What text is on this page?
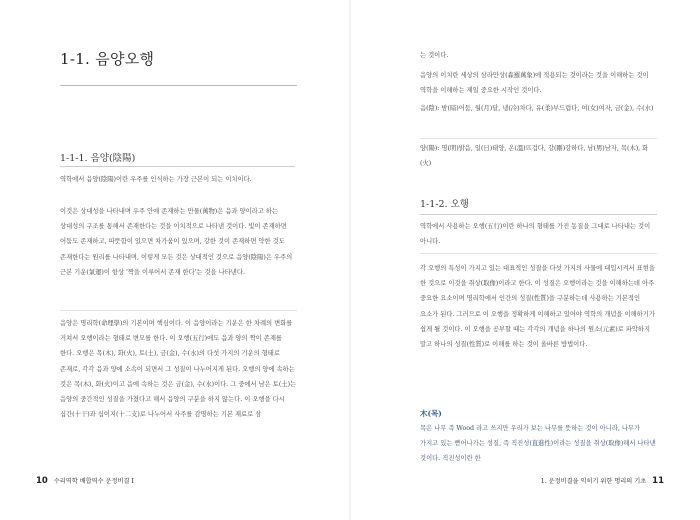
1-1. 음양오행
1-1-1. 음양(陰陽)

역학에서 음양(陰陽)이란 우주를 인식하는 가장 근본이 되는 이치이다.

이것은 상대성을 나타내며 우주 안에 존재하는 만물(萬物)은 음과 양이라고 하는 상대성의 구조를 통해서 존재한다는 것을 이치적으로 나타낸 것이다. 빛이 존재하면 어둠도 존재하고, 따뜻함이 있으면 차가움이 있으며, 강한 것이 존재하면 약한 것도 존재한다는 원리를 나타내며, 이렇게 모든 것은 상대적인 것으로 음양(陰陽)은 우주의 근본 기운(氣運)이 항상 '짝을 이루어서 존재 한다'는 것을 나타낸다.

음양은 명리학(命理學)의 기본이며 핵심이다. 이 음양이라는 기운은 한 차례의 변화를 거쳐서 오행이라는 형태로 변모를 한다. 이 오행(五行)에도 음과 양의 짝이 존재를 한다. 오행은 목(木), 화(火), 토(土), 금(金), 수(水)의 다섯 가지의 기운의 형태로 존재로, 각각 음과 양에 소속이 되면서 그 성질이 나누어지게 된다. 오행의 양에 속하는 것은 목(木), 화(火)이고 음에 속하는 것은 금(金), 수(水)이다. 그 중에서 남은 토(土)는 음양의 중간적인 성질을 가졌다고 해서 음양의 구분을 하지 않는다. 이 오행을 다시 십간(十干)과 십이지(十二支)로 나누어서 사주를 감명하는 기본 재료로 삼

10 수리역학 배합역수 운정비결 I

는 것이다.

음양의 이치란 세상의 삼라만상(森羅萬象)에 적용되는 것이라는 것을 이해하는 것이 역학을 이해하는 제일 중요한 시작인 것이다.

음(陰): 밤(暗)어둠, 월(月)달, 냉(冷)차다, 유(柔)부드럽다, 여(女)여자, 금(金), 수(水)

양(陽): 명(明)밝음, 일(日)태양, 온(溫)뜨겁다, 강(剛)강하다, 남(男)남자, 목(木), 화(火)

1-1-2. 오행

역학에서 사용하는 오행(五行)이란 하나의 형태를 가진 동질을 그대로 나타내는 것이 아니다.

각 오행의 특성이 가지고 있는 대표적인 성질을 다섯 가지의 사물에 대입시켜서 표현을 한 것으로 이것을 취상(取像)이라고 한다. 이 성질은 오행이라는 것을 이해하는데 아주 중요한 요소이며 명리학에서 인간의 성질(性質)을 구분하는데 사용하는 기본적인 요소가 된다. 그러므로 이 오행을 정확하게 이해하고 있어야 역학의 개념을 이해하기가 쉽게 될 것이다. 이 오행을 공부할 때는 각각의 개념을 하나의 원소(元素)로 파악하지 말고 하나의 성질(性質)로 이해를 하는 것이 올바른 방법이다.

木(목)

목은 나무 즉 Wood 라고 쓰지만 우리가 보는 나무를 뜻하는 것이 아니라, 나무가 가지고 있는 뻗어나가는 성질, 즉 직진성(直進性)이라는 성질을 취상(取像)해서 나타낸 것이다. 직진성이란 한

1. 운정비결을 익히기 위한 명리의 기초 11
